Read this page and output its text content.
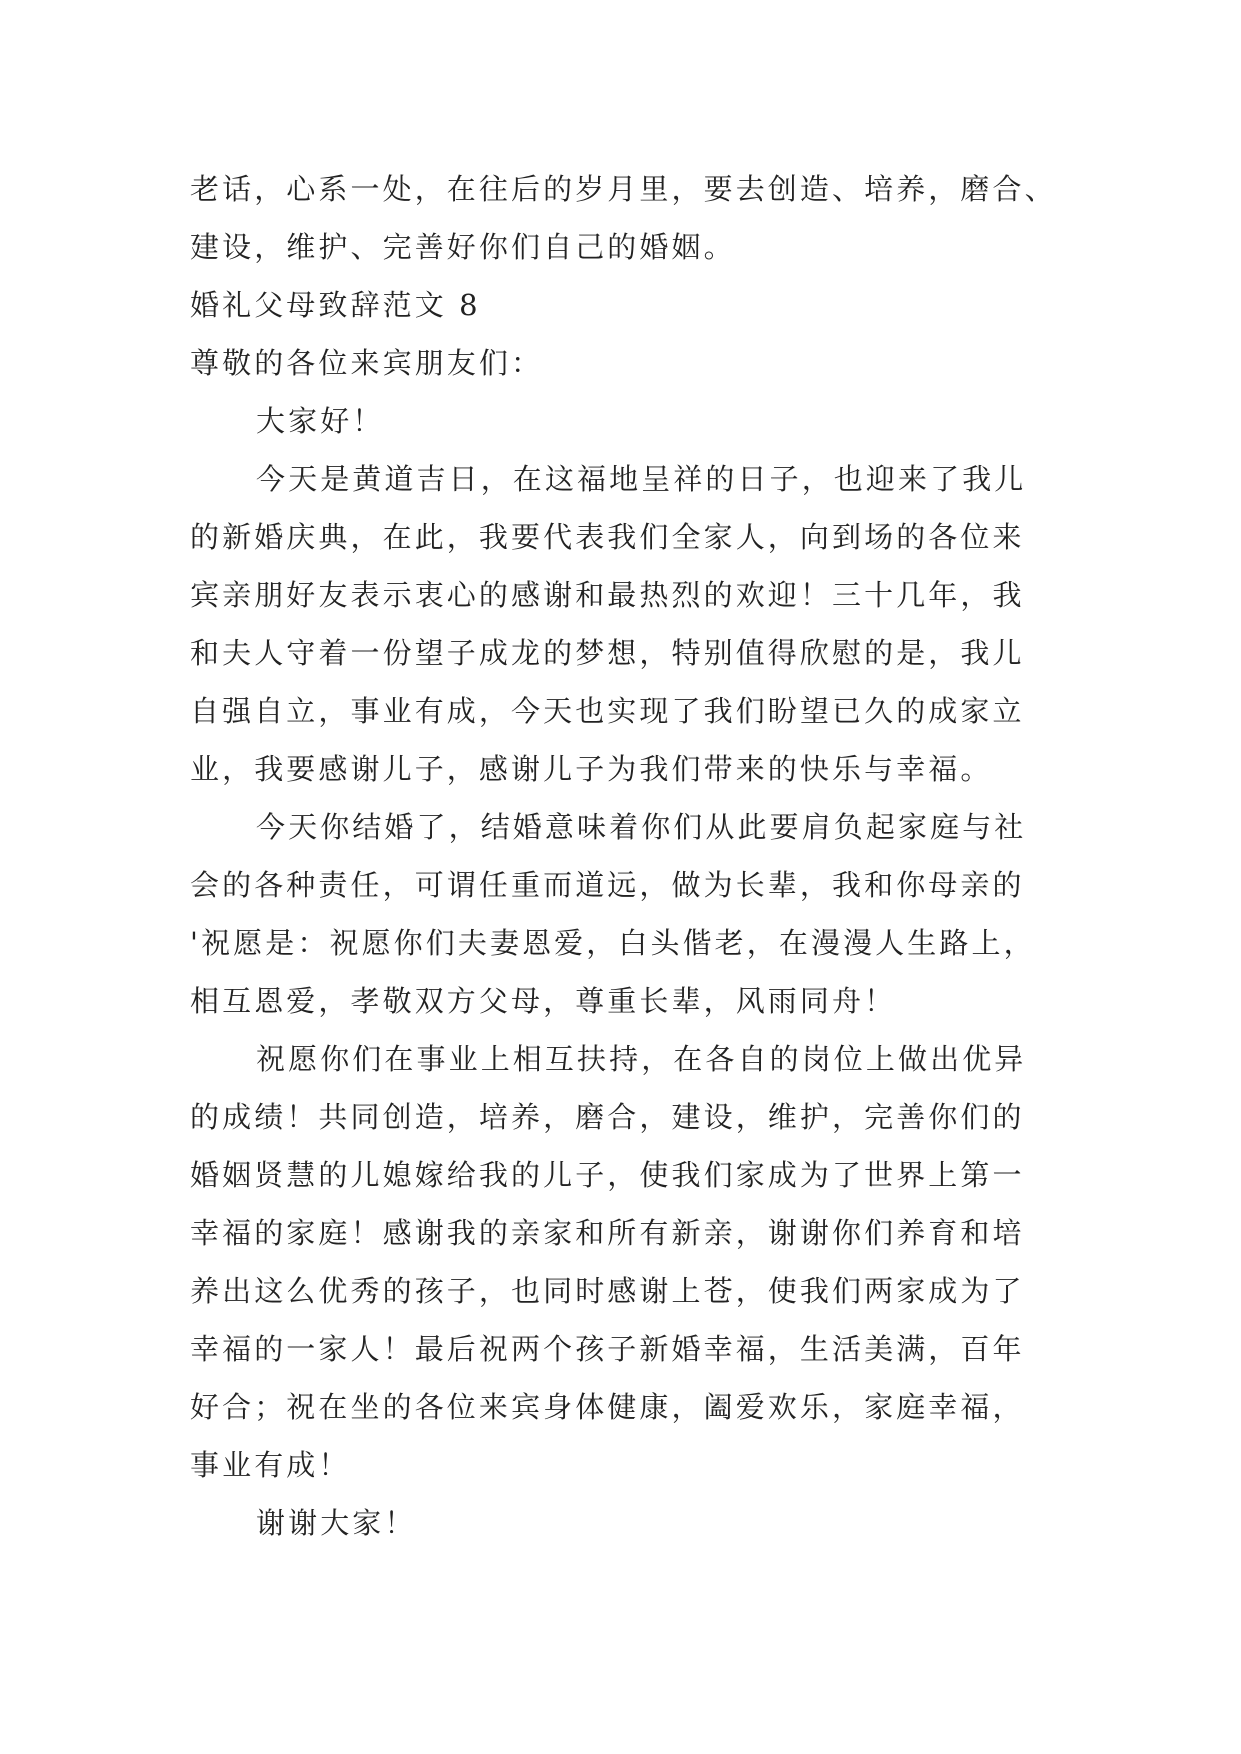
老话，心系一处，在往后的岁月里，要去创造、培养，磨合、
建设，维护、完善好你们自己的婚姻。
婚礼父母致辞范文 8
尊敬的各位来宾朋友们：
大家好！
今天是黄道吉日，在这福地呈祥的日子，也迎来了我儿
的新婚庆典，在此，我要代表我们全家人，向到场的各位来
宾亲朋好友表示衷心的感谢和最热烈的欢迎！三十几年，我
和夫人守着一份望子成龙的梦想，特别值得欣慰的是，我儿
自强自立，事业有成，今天也实现了我们盼望已久的成家立
业，我要感谢儿子，感谢儿子为我们带来的快乐与幸福。
今天你结婚了，结婚意味着你们从此要肩负起家庭与社
会的各种责任，可谓任重而道远，做为长辈，我和你母亲的
'祝愿是：祝愿你们夫妻恩爱，白头偕老，在漫漫人生路上，
相互恩爱，孝敬双方父母，尊重长辈，风雨同舟！
祝愿你们在事业上相互扶持，在各自的岗位上做出优异
的成绩！共同创造，培养，磨合，建设，维护，完善你们的
婚姻贤慧的儿媳嫁给我的儿子，使我们家成为了世界上第一
幸福的家庭！感谢我的亲家和所有新亲，谢谢你们养育和培
养出这么优秀的孩子，也同时感谢上苍，使我们两家成为了
幸福的一家人！最后祝两个孩子新婚幸福，生活美满，百年
好合；祝在坐的各位来宾身体健康，阖爱欢乐，家庭幸福，
事业有成！
谢谢大家！
